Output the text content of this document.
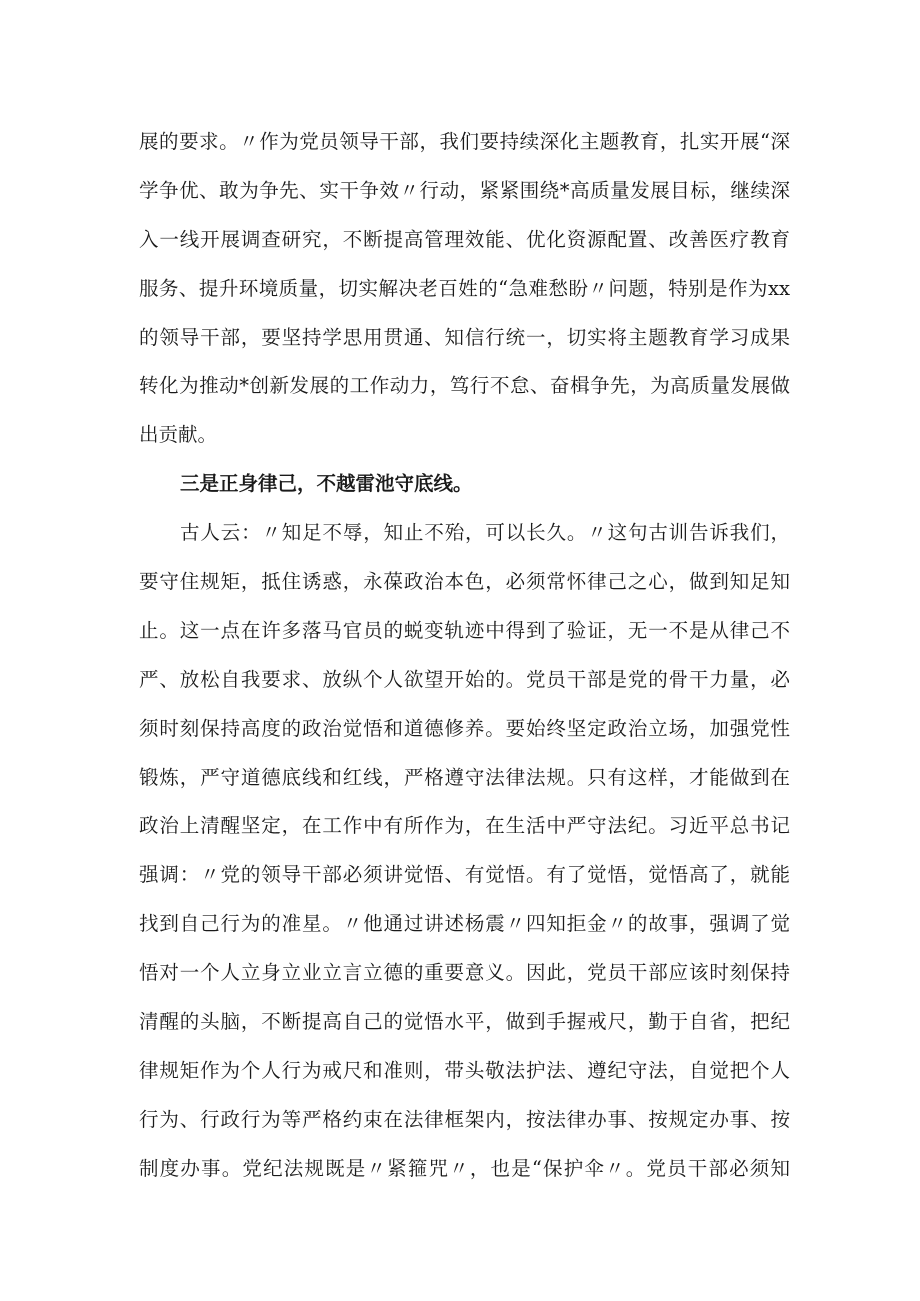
展的要求。〃作为党员领导干部，我们要持续深化主题教育，扎实开展“深
学争优、敢为争先、实干争效〃行动，紧紧围绕*高质量发展目标，继续深
入一线开展调查研究，不断提高管理效能、优化资源配置、改善医疗教育
服务、提升环境质量，切实解决老百姓的“急难愁盼〃问题，特别是作为xx
的领导干部，要坚持学思用贯通、知信行统一，切实将主题教育学习成果
转化为推动*创新发展的工作动力，笃行不怠、奋楫争先，为高质量发展做
出贡献。
三是正身律己，不越雷池守底线。
古人云：〃知足不辱，知止不殆，可以长久。〃这句古训告诉我们，
要守住规矩，抵住诱惑，永葆政治本色，必须常怀律己之心，做到知足知
止。这一点在许多落马官员的蜕变轨迹中得到了验证，无一不是从律己不
严、放松自我要求、放纵个人欲望开始的。党员干部是党的骨干力量，必
须时刻保持高度的政治觉悟和道德修养。要始终坚定政治立场，加强党性
锻炼，严守道德底线和红线，严格遵守法律法规。只有这样，才能做到在
政治上清醒坚定，在工作中有所作为，在生活中严守法纪。习近平总书记
强调：〃党的领导干部必须讲觉悟、有觉悟。有了觉悟，觉悟高了，就能
找到自己行为的准星。〃他通过讲述杨震〃四知拒金〃的故事，强调了觉
悟对一个人立身立业立言立德的重要意义。因此，党员干部应该时刻保持
清醒的头脑，不断提高自己的觉悟水平，做到手握戒尺，勤于自省，把纪
律规矩作为个人行为戒尺和准则，带头敬法护法、遵纪守法，自觉把个人
行为、行政行为等严格约束在法律框架内，按法律办事、按规定办事、按
制度办事。党纪法规既是〃紧箍咒〃，也是“保护伞〃。党员干部必须知
